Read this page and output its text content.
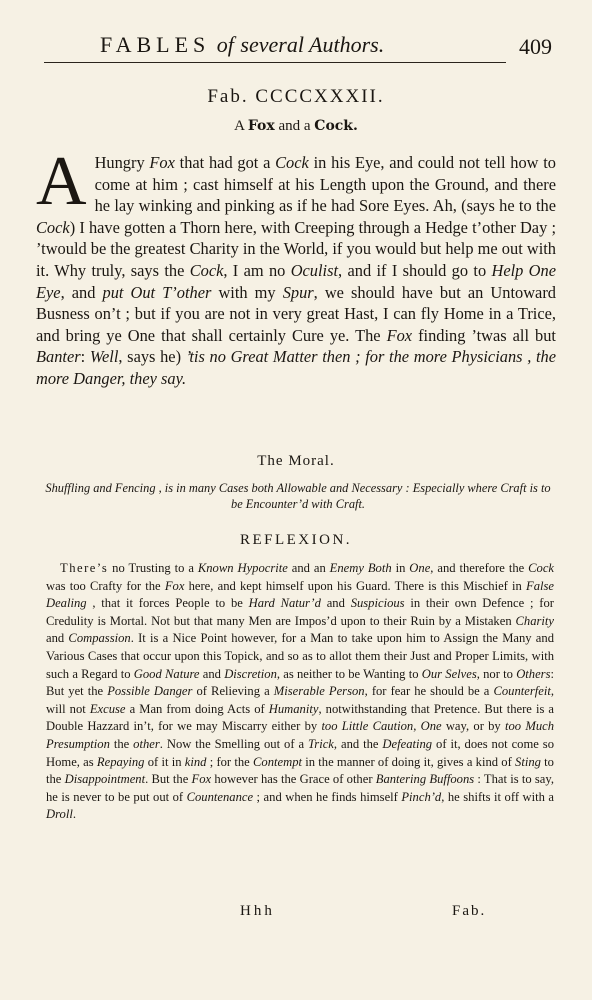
FABLES of several Authors.	409
Fab. CCCCXXXII.
A Fox and a Cock.
A Hungry Fox that had got a Cock in his Eye, and could not tell how to come at him ; cast himself at his Length upon the Ground, and there he lay winking and pinking as if he had Sore Eyes. Ah, (says he to the Cock) I have gotten a Thorn here, with Creeping through a Hedge t’other Day ; ’twould be the greatest Charity in the World, if you would but help me out with it. Why truly, says the Cock, I am no Oculist, and if I should go to Help One Eye, and put Out T’other with my Spur, we should have but an Untoward Busness on’t ; but if you are not in very great Hast, I can fly Home in a Trice, and bring ye One that shall certainly Cure ye. The Fox finding ’twas all but Banter: Well, says he) ’tis no Great Matter then ; for the more Physicians , the more Danger, they say.
The Moral.
Shuffling and Fencing , is in many Cases both Allowable and Necessary : Especially where Craft is to be Encounter’d with Craft.
REFLEXION.
There’s no Trusting to a Known Hypocrite and an Enemy Both in One, and therefore the Cock was too Crafty for the Fox here, and kept himself upon his Guard. There is this Mischief in False Dealing , that it forces People to be Hard Natur’d and Suspicious in their own Defence ; for Credulity is Mortal. Not but that many Men are Impos’d upon to their Ruin by a Mistaken Charity and Compassion. It is a Nice Point however, for a Man to take upon him to Assign the Many and Various Cases that occur upon this Topick, and so as to allot them their Just and Proper Limits, with such a Regard to Good Nature and Discretion, as neither to be Wanting to Our Selves, nor to Others: But yet the Possible Danger of Relieving a Miserable Person, for fear he should be a Counterfeit, will not Excuse a Man from doing Acts of Humanity, notwithstanding that Pretence. But there is a Double Hazzard in’t, for we may Miscarry either by too Little Caution, One way, or by too Much Presumption the other. Now the Smelling out of a Trick, and the Defeating of it, does not come so Home, as Repaying of it in kind ; for the Contempt in the manner of doing it, gives a kind of Sting to the Disappointment. But the Fox however has the Grace of other Bantering Buffoons : That is to say, he is never to be put out of Countenance ; and when he finds himself Pinch’d, he shifts it off with a Droll.
Hhh	Fab.
